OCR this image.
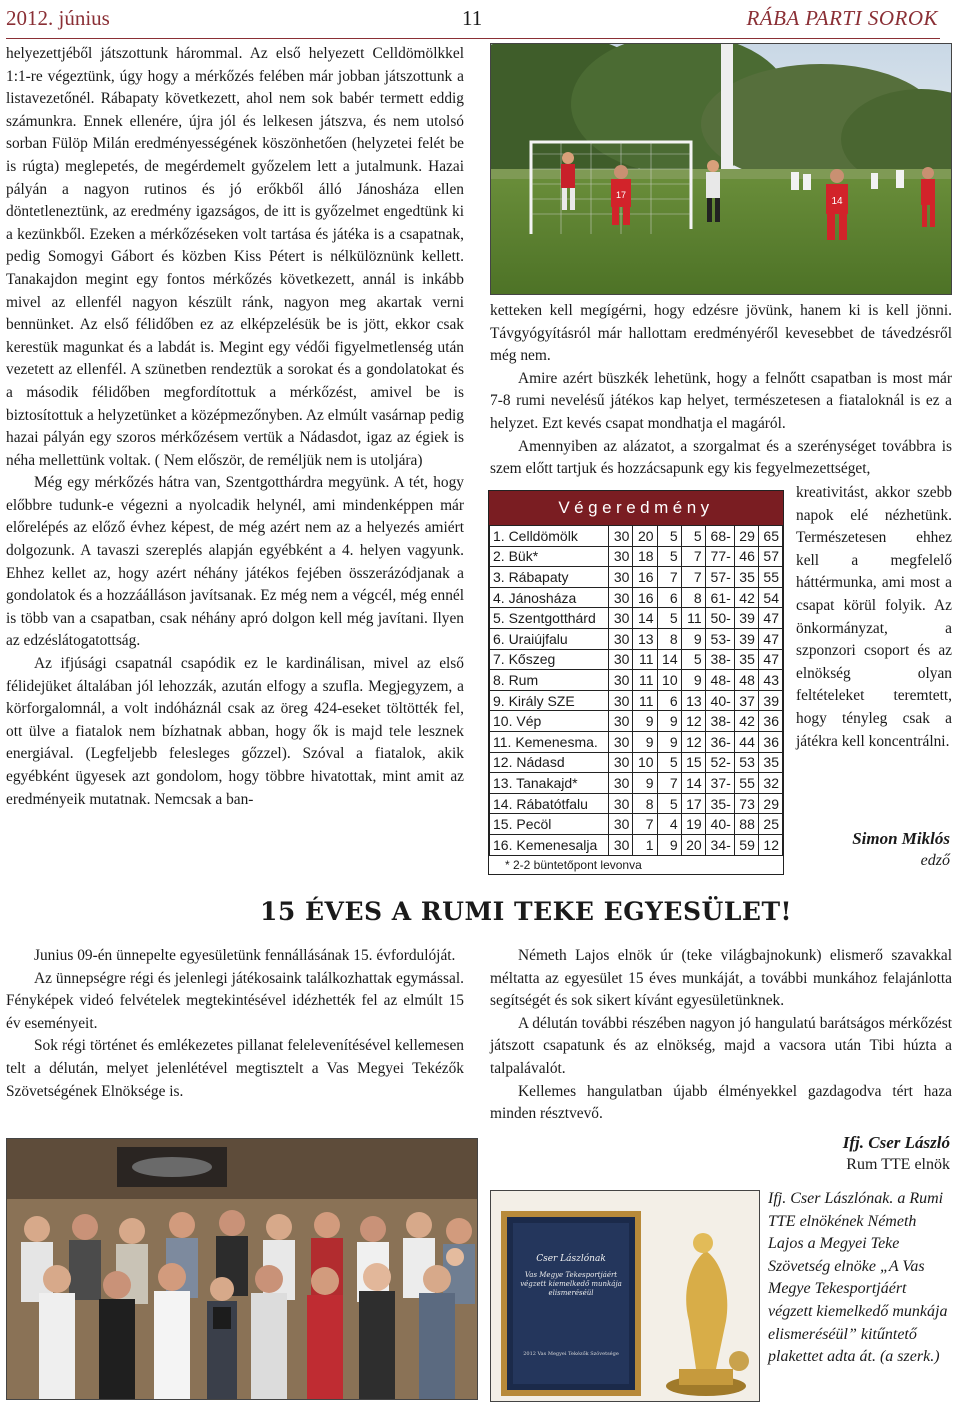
2012. június	11	RÁBA PARTI SOROK

helyezettjéből játszottunk hárommal. Az első helyezett Celldömölkkel 1:1-re végeztünk, úgy hogy a mérkőzés felében már jobban játszottunk a listavezetőnél. Rábapaty következett, ahol nem sok babér termett eddig számunkra. Ennek ellenére, újra jól és lelkesen játszva, és nem utolsó sorban Fülöp Milán eredményességének köszönhetően (helyzetei felét be is rúgta) meglepetés, de megérdemelt győzelem lett a jutalmunk. Hazai pályán a nagyon rutinos és jó erőkből álló Jánosháza ellen döntetleneztünk, az eredmény igazságos, de itt is győzelmet engedtünk ki a kezünkből. Ezeken a mérkőzéseken volt tartása és játéka is a csapatnak, pedig Somogyi Gábort és közben Kiss Pétert is nélkülöznünk kellett. Tanakajdon megint egy fontos mérkőzés következett, annál is inkább mivel az ellenfél nagyon készült ránk, nagyon meg akartak verni bennünket. Az első félidőben ez az elképzelésük be is jött, ekkor csak kerestük magunkat és a labdát is. Megint egy védői figyelmetlenség után vezetett az ellenfél. A szünetben rendeztük a sorokat és a gondolatokat és a második félidőben megfordítottuk a mérkőzést, amivel be is biztosítottuk a helyzetünket a középmezőnyben. Az elmúlt vasárnap pedig hazai pályán egy szoros mérkőzésem vertük a Nádasdot, igaz az égiek is néha mellettünk voltak. ( Nem először, de reméljük nem is utoljára)

Még egy mérkőzés hátra van, Szentgotthárdra megyünk. A tét, hogy előbbre tudunk-e végezni a nyolcadik helynél, ami mindenképpen már előrelépés az előző évhez képest, de még azért nem az a helyezés amiért dolgozunk. A tavaszi szereplés alapján egyébként a 4. helyen vagyunk. Ehhez kellet az, hogy azért néhány játékos fejében összerázódjanak a gondolatok és a hozzáálláson javítsanak. Ez még nem a végcél, még ennél is több van a csapatban, csak néhány apró dolgon kell még javítani. Ilyen az edzéslátogatottság.

Az ifjúsági csapatnál csapódik ez le kardinálisan, mivel az első félidejüket általában jól lehozzák, azután elfogy a szufla. Megjegyzem, a körforgalomnál, a volt indóháznál csak az öreg 424-eseket töltötték fel, ott ülve a fiatalok nem bízhatnak abban, hogy ők is majd tele lesznek energiával. (Legfeljebb felesleges gőzzel). Szóval a fiatalok, akik egyébként ügyesek azt gondolom, hogy többre hivatottak, mint amit az eredményeik mutatnak. Nemcsak a ban-

17
14

ketteken kell megígérni, hogy edzésre jövünk, hanem ki is kell jönni. Távgyógyításról már hallottam eredményéről kevesebbet de távedzésről még nem.

Amire azért büszkék lehetünk, hogy a felnőtt csapatban is most már 7-8 rumi nevelésű játékos kap helyet, természetesen a fiataloknál is ez a helyzet. Ezt kevés csapat mondhatja el magáról.

Amennyiben az alázatot, a szorgalmat és a szerénységet továbbra is szem előtt tartjuk és hozzácsapunk egy kis fegyelmezettséget,

Végeredmény
1. Celldömölk	30	20	5	5	68-	29	65
2. Bük*	30	18	5	7	77-	46	57
3. Rábapaty	30	16	7	7	57-	35	55
4. Jánosháza	30	16	6	8	61-	42	54
5. Szentgotthárd	30	14	5	11	50-	39	47
6. Uraiújfalu	30	13	8	9	53-	39	47
7. Kőszeg	30	11	14	5	38-	35	47
8. Rum	30	11	10	9	48-	48	43
9. Király SZE	30	11	6	13	40-	37	39
10. Vép	30	9	9	12	38-	42	36
11. Kemenesma.	30	9	9	12	36-	44	36
12. Nádasd	30	10	5	15	52-	53	35
13. Tanakajd*	30	9	7	14	37-	55	32
14. Rábatótfalu	30	8	5	17	35-	73	29
15. Pecöl	30	7	4	19	40-	88	25
16. Kemenesalja	30	1	9	20	34-	59	12
* 2-2 büntetőpont levonva
kreativitást, akkor szebb napok elé nézhetünk. Természetesen ehhez kell a megfelelő háttérmunka, ami most a csapat körül folyik. Az önkormányzat, a szponzori csoport és az elnökség olyan feltételeket teremtett, hogy tényleg csak a játékra kell koncentrálni.
Simon Miklós
edző
15 ÉVES A RUMI TEKE EGYESÜLET!

Junius 09-én ünnepelte egyesületünk fennállásának 15. évfordulóját.

Az ünnepségre régi és jelenlegi játékosaink találkozhattak egymással. Fényképek videó felvételek megtekintésével idézhették fel az elmúlt 15 év eseményeit.

Sok régi történet és emlékezetes pillanat felelevenítésével kellemesen telt a délután, melyet jelenlétével megtisztelt a Vas Megyei Tekézők Szövetségének Elnöksége is.

Németh Lajos elnök úr (teke világbajnokunk) elismerő szavakkal méltatta az egyesület 15 éves munkáját, a további munkához felajánlotta segítségét és sok sikert kívánt egyesületünknek.

A délután további részében nagyon jó hangulatú barátságos mérkőzést játszott csapatunk és az elnökség, majd a vacsora után Tibi húzta a talpalávalót.

Kellemes hangulatban újabb élményekkel gazdagodva tért haza minden résztvevő.

Ifj. Cser László
Rum TTE elnök
Cser Lászlónak
Vas Megye Tekesportjáért végzett kiemelkedő munkája elismeréséül
2012 Vas Megyei Tekézők Szövetsége
Ifj. Cser Lászlónak. a Rumi TTE elnökének Németh Lajos a Megyei Teke Szövetség elnöke „A Vas Megye Tekesportjáért végzett kiemelkedő munkája elismeréséül” kitűntető plakettet adta át. (a szerk.)
